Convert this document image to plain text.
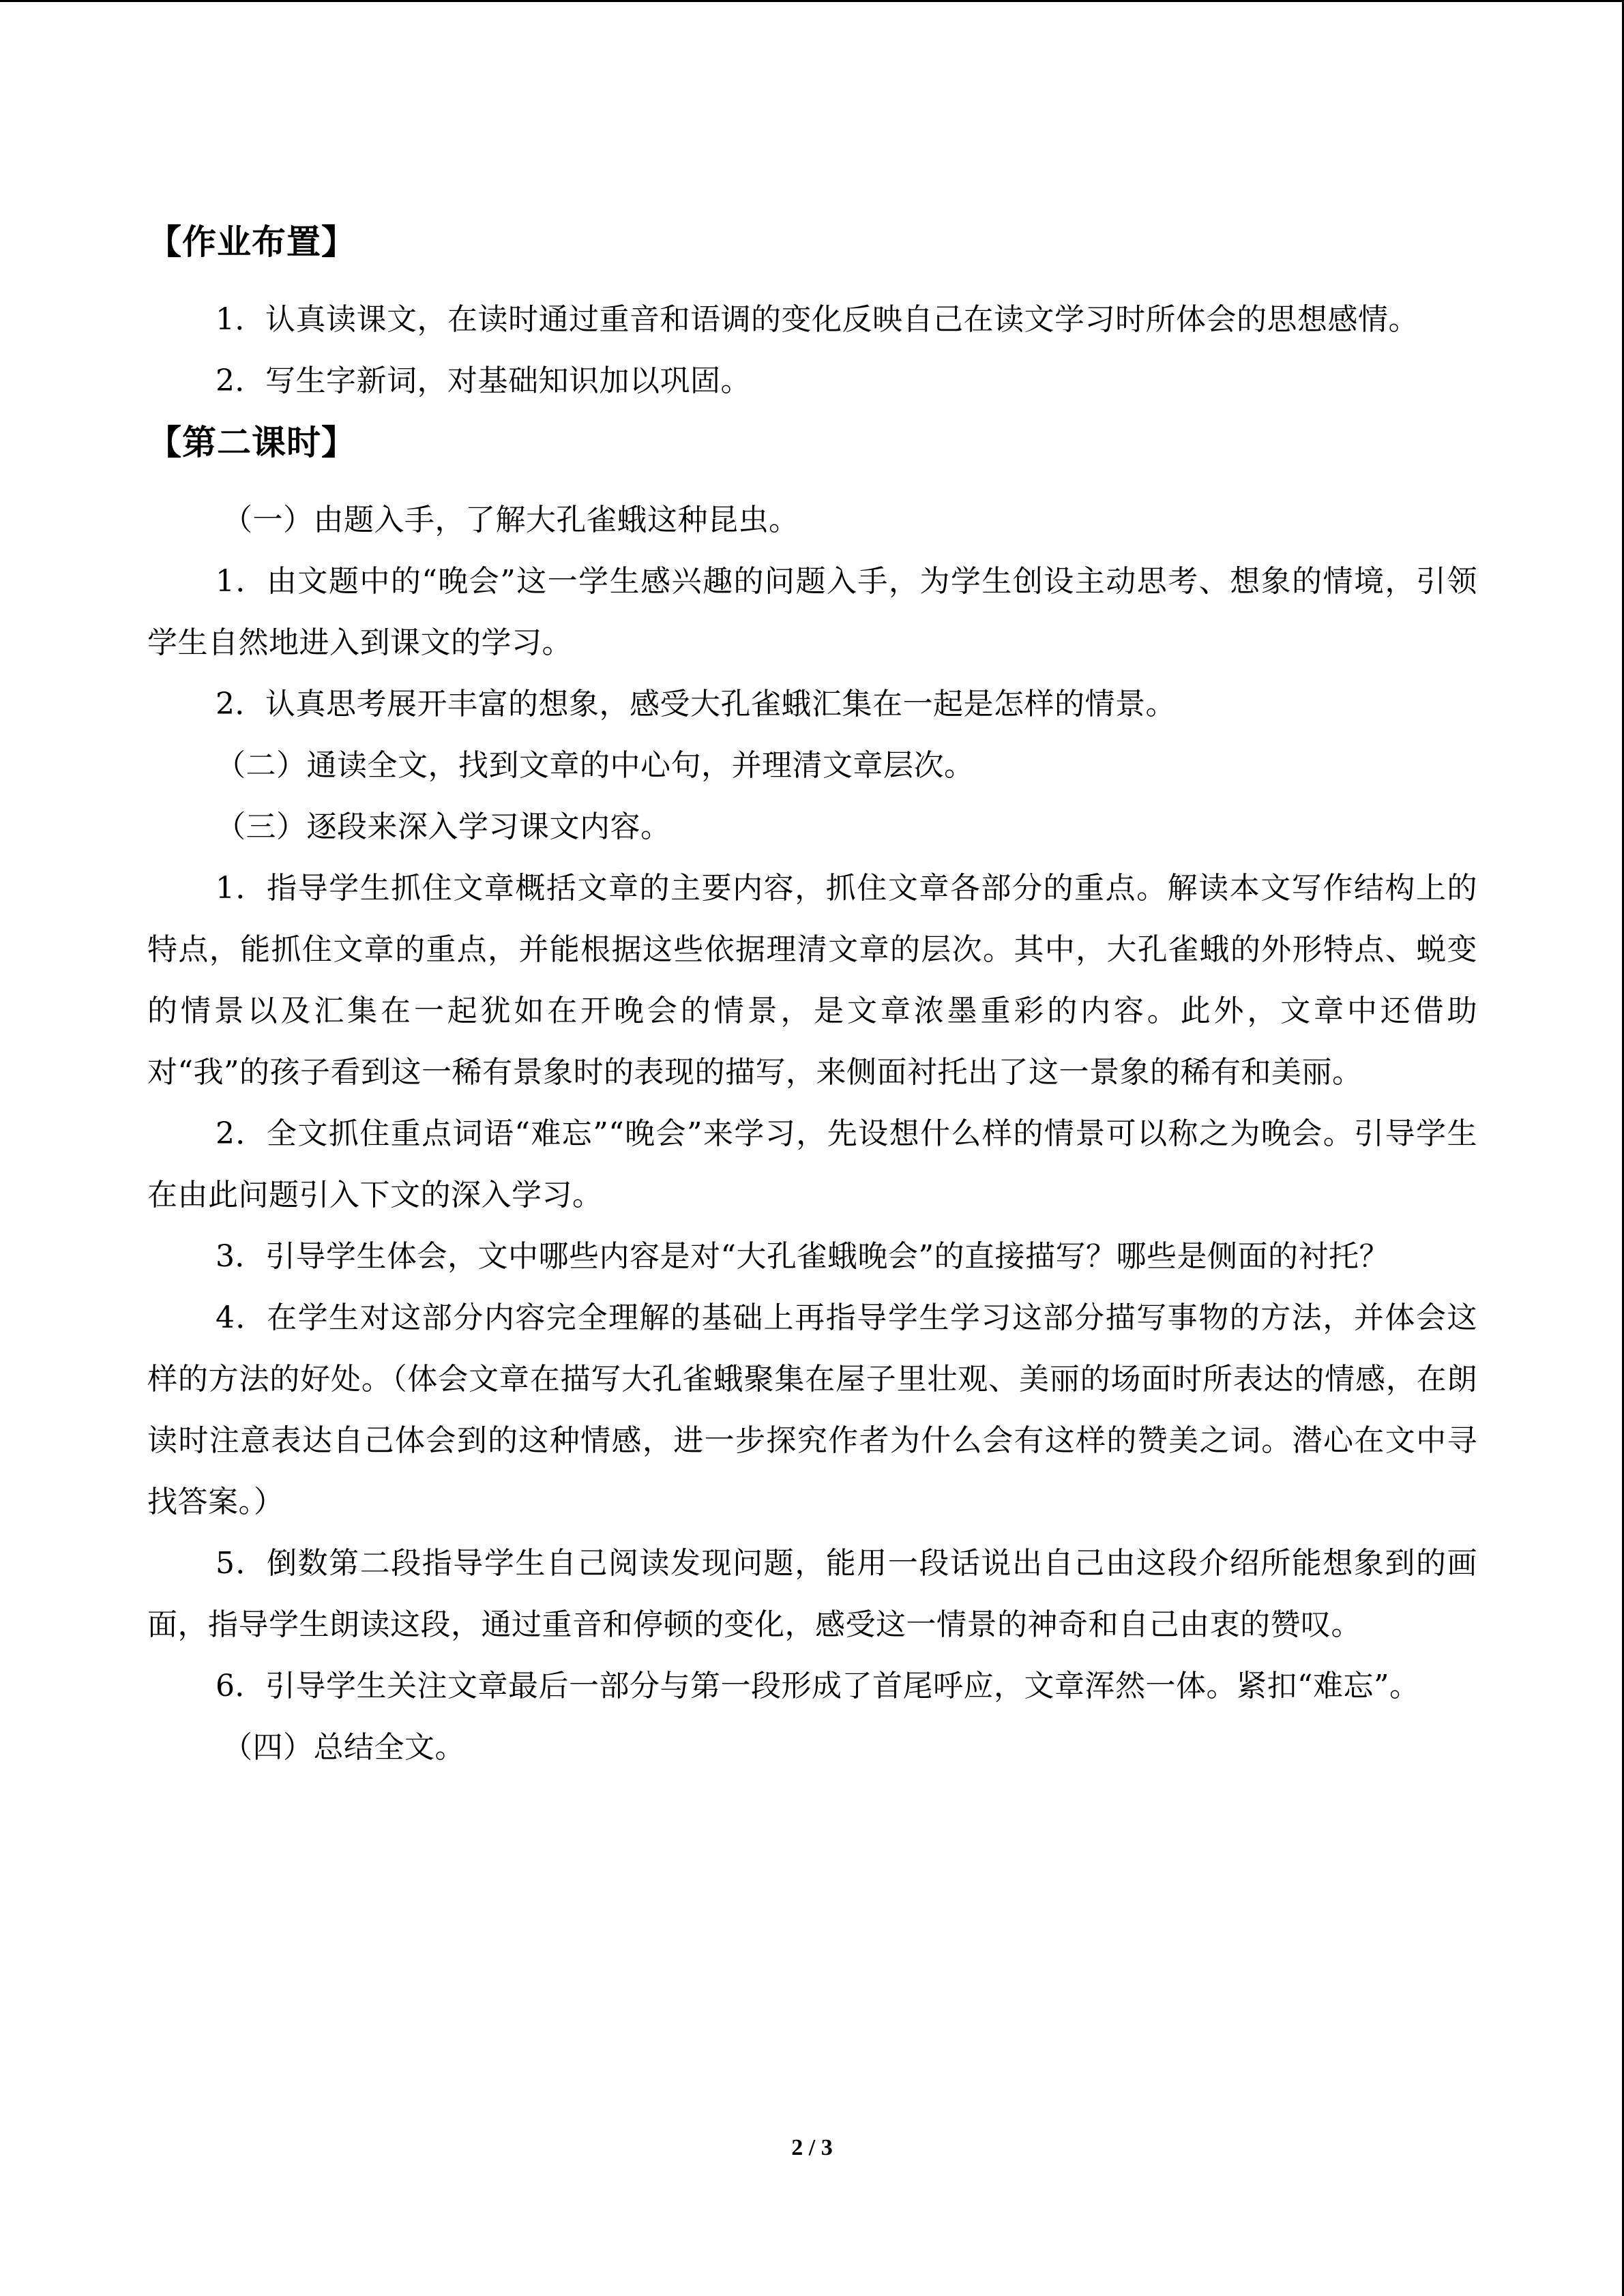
【作业布置】

1．认真读课文，在读时通过重音和语调的变化反映自己在读文学习时所体会的思想感情。

2．写生字新词，对基础知识加以巩固。

【第二课时】

（一）由题入手，了解大孔雀蛾这种昆虫。

1．由文题中的“晚会”这一学生感兴趣的问题入手，为学生创设主动思考、想象的情境，引领学生自然地进入到课文的学习。

2．认真思考展开丰富的想象，感受大孔雀蛾汇集在一起是怎样的情景。

（二）通读全文，找到文章的中心句，并理清文章层次。

（三）逐段来深入学习课文内容。

1．指导学生抓住文章概括文章的主要内容，抓住文章各部分的重点。解读本文写作结构上的特点，能抓住文章的重点，并能根据这些依据理清文章的层次。其中，大孔雀蛾的外形特点、蜕变的情景以及汇集在一起犹如在开晚会的情景，是文章浓墨重彩的内容。此外，文章中还借助对“我”的孩子看到这一稀有景象时的表现的描写，来侧面衬托出了这一景象的稀有和美丽。

2．全文抓住重点词语“难忘”“晚会”来学习，先设想什么样的情景可以称之为晚会。引导学生在由此问题引入下文的深入学习。

3．引导学生体会，文中哪些内容是对“大孔雀蛾晚会”的直接描写？哪些是侧面的衬托？

4．在学生对这部分内容完全理解的基础上再指导学生学习这部分描写事物的方法，并体会这样的方法的好处。（体会文章在描写大孔雀蛾聚集在屋子里壮观、美丽的场面时所表达的情感，在朗读时注意表达自己体会到的这种情感，进一步探究作者为什么会有这样的赞美之词。潜心在文中寻找答案。）

5．倒数第二段指导学生自己阅读发现问题，能用一段话说出自己由这段介绍所能想象到的画面，指导学生朗读这段，通过重音和停顿的变化，感受这一情景的神奇和自己由衷的赞叹。

6．引导学生关注文章最后一部分与第一段形成了首尾呼应，文章浑然一体。紧扣“难忘”。

（四）总结全文。

2 / 3
